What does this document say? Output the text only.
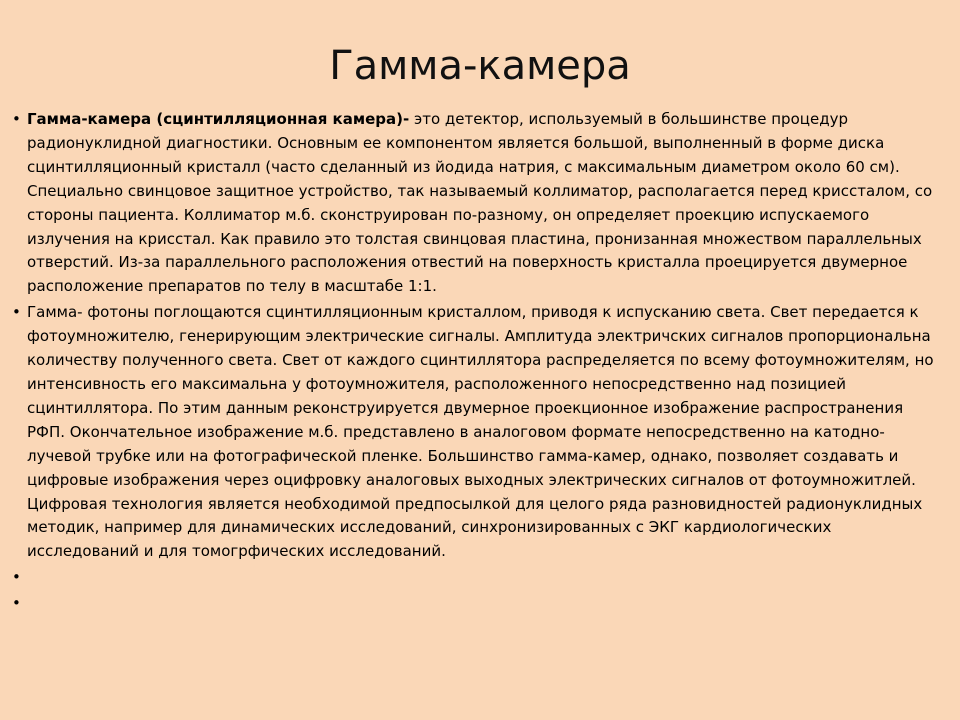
Гамма-камера
• Гамма-камера (сцинтилляционная камера)- это детектор, используемый в большинстве процедур радионуклидной диагностики. Основным ее компонентом является большой, выполненный в форме диска сцинтилляционный кристалл (часто сделанный из йодида натрия, с максимальным диаметром около 60 см). Специально свинцовое защитное устройство, так называемый коллиматор, располагается перед криссталом, со стороны пациента. Коллиматор м.б. сконструирован по-разному, он определяет проекцию испускаемого излучения на крисстал. Как правило это толстая свинцовая пластина, пронизанная множеством параллельных отверстий. Из-за параллельного расположения отвестий на поверхность кристалла проецируется двумерное расположение препаратов по телу в масштабе 1:1.
• Гамма- фотоны поглощаются сцинтилляционным кристаллом, приводя к испусканию света. Свет передается к фотоумножителю, генерирующим электрические сигналы. Амплитуда электричских сигналов пропорциональна количеству полученного света. Свет от каждого сцинтиллятора распределяется по всему фотоумножителям, но интенсивность его максимальна у фотоумножителя, расположенного непосредственно над позицией сцинтиллятора. По этим данным реконструируется двумерное проекционное изображение распространения РФП. Окончательное изображение м.б. представлено в аналоговом формате непосредственно на катодно-лучевой трубке или на фотографической пленке. Большинство гамма-камер, однако, позволяет создавать и цифровые изображения через оцифровку аналоговых выходных электрических сигналов от фотоумножитлей. Цифровая технология является необходимой предпосылкой для целого ряда разновидностей радионуклидных методик, например для динамических исследований, синхронизированных с ЭКГ кардиологических исследований и для томогрфических исследований.
•
•
